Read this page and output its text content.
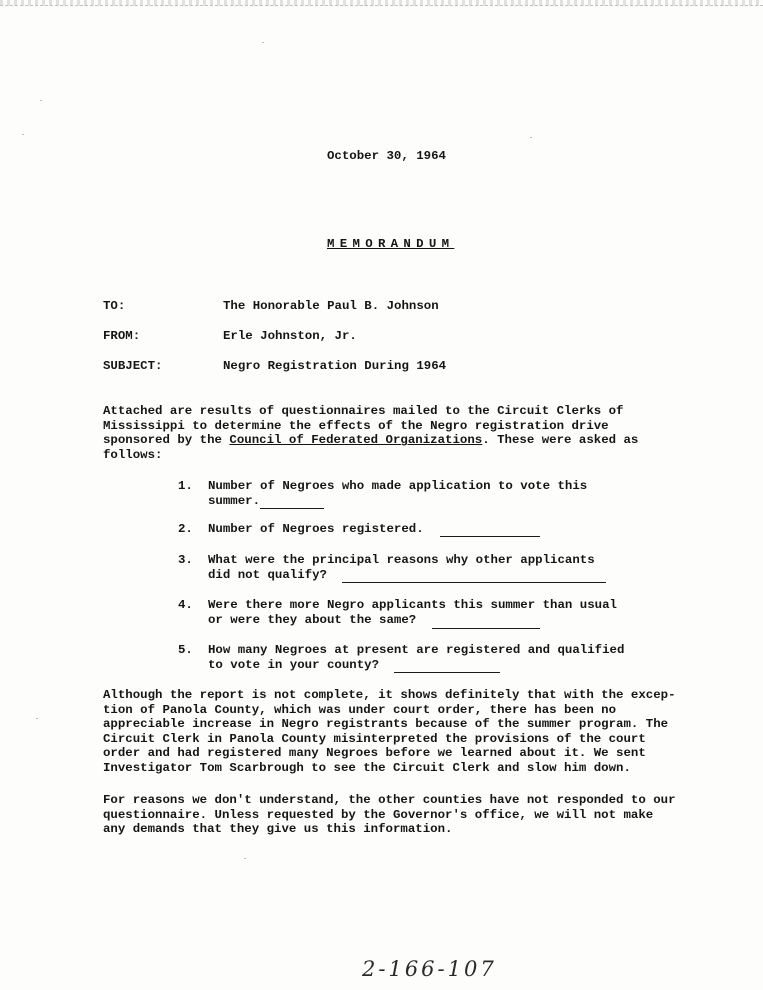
October 30, 1964
MEMORANDUM
TO:	The Honorable Paul B. Johnson
FROM:	Erle Johnston, Jr.
SUBJECT:	Negro Registration During 1964

Attached are results of questionnaires mailed to the Circuit Clerks of
Mississippi to determine the effects of the Negro registration drive
sponsored by the Council of Federated Organizations. These were asked as
follows:

1. Number of Negroes who made application to vote this
summer.
2. Number of Negroes registered.
3. What were the principal reasons why other applicants
did not qualify?
4. Were there more Negro applicants this summer than usual
or were they about the same?
5. How many Negroes at present are registered and qualified
to vote in your county?

Although the report is not complete, it shows definitely that with the excep-
tion of Panola County, which was under court order, there has been no
appreciable increase in Negro registrants because of the summer program. The
Circuit Clerk in Panola County misinterpreted the provisions of the court
order and had registered many Negroes before we learned about it. We sent
Investigator Tom Scarbrough to see the Circuit Clerk and slow him down.

For reasons we don't understand, the other counties have not responded to our
questionnaire. Unless requested by the Governor's office, we will not make
any demands that they give us this information.

2-166-107
